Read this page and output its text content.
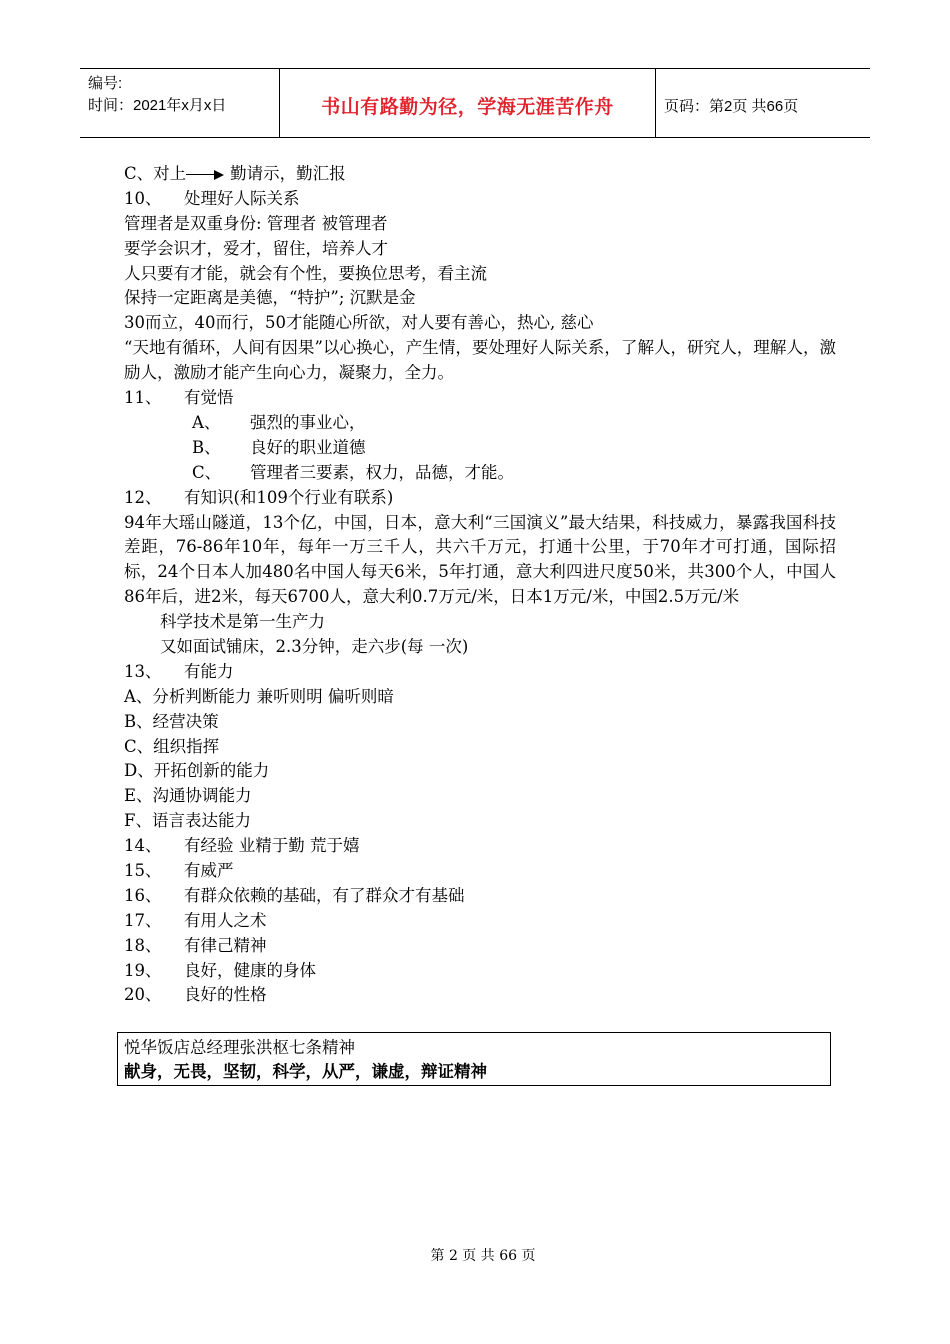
编号:
时间：2021年x月x日	书山有路勤为径，学海无涯苦作舟	页码：第2页 共66页
C、对上	勤请示，勤汇报
10、 处理好人际关系
管理者是双重身份: 管理者 被管理者
要学会识才，爱才，留住，培养人才
人只要有才能，就会有个性，要换位思考，看主流
保持一定距离是美德，“特护”; 沉默是金
30而立，40而行，50才能随心所欲，对人要有善心，热心, 慈心
“天地有循环，人间有因果”以心换心，产生情，要处理好人际关系，了解人，研究人，理解人，激励人，激励才能产生向心力，凝聚力，全力。
11、 有觉悟
A、 强烈的事业心，
B、 良好的职业道德
C、 管理者三要素，权力，品德，才能。
12、 有知识(和109个行业有联系)
94年大瑶山隧道，13个亿，中国，日本，意大利“三国演义”最大结果，科技威力，暴露我国科技差距，76-86年10年，每年一万三千人，共六千万元，打通十公里，于70年才可打通，国际招标，24个日本人加480名中国人每天6米，5年打通，意大利四进尺度50米，共300个人，中国人86年后，进2米，每天6700人，意大利0.7万元/米，日本1万元/米，中国2.5万元/米
科学技术是第一生产力
又如面试铺床，2.3分钟，走六步(每 一次)
13、 有能力
A、分析判断能力 兼听则明 偏听则暗
B、经营决策
C、组织指挥
D、开拓创新的能力
E、沟通协调能力
F、语言表达能力
14、 有经验 业精于勤 荒于嬉
15、 有威严
16、 有群众依赖的基础，有了群众才有基础
17、 有用人之术
18、 有律己精神
19、 良好，健康的身体
20、 良好的性格
悦华饭店总经理张洪枢七条精神
献身，无畏，坚韧，科学，从严，谦虚，辩证精神
第 2 页 共 66 页
